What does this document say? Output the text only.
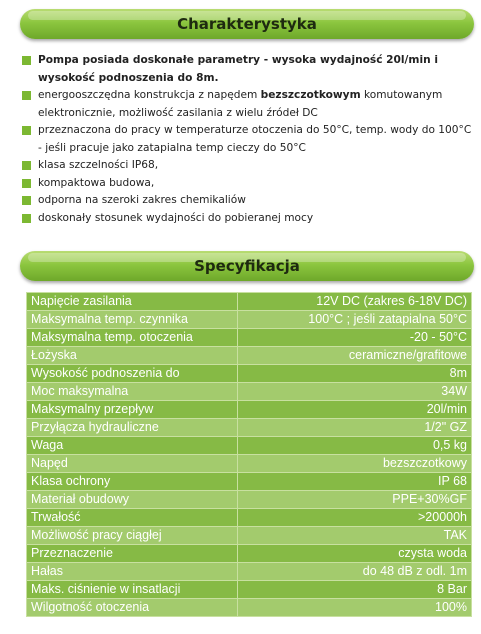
Charakterystyka
Pompa posiada doskonałe parametry - wysoka wydajność 20l/min i wysokość podnoszenia do 8m.
energooszczędna konstrukcja z napędem bezszczotkowym komutowanym elektronicznie, możliwość zasilania z wielu źródeł DC
przeznaczona do pracy w temperaturze otoczenia do 50°C, temp. wody do 100°C - jeśli pracuje jako zatapialna temp cieczy do 50°C
klasa szczelności IP68,
kompaktowa budowa,
odporna na szeroki zakres chemikaliów
doskonały stosunek wydajności do pobieranej mocy
Specyfikacja
Napięcie zasilania	12V DC (zakres 6-18V DC)
Maksymalna temp. czynnika	100°C ; jeśli zatapialna 50°C
Maksymalna temp. otoczenia	-20 - 50°C
Łożyska	ceramiczne/grafitowe
Wysokość podnoszenia do	8m
Moc maksymalna	34W
Maksymalny przepływ	20l/min
Przyłącza hydrauliczne	1/2" GZ
Waga	0,5 kg
Napęd	bezszczotkowy
Klasa ochrony	IP 68
Materiał obudowy	PPE+30%GF
Trwałość	>20000h
Możliwość pracy ciągłej	TAK
Przeznaczenie	czysta woda
Hałas	do 48 dB z odl. 1m
Maks. ciśnienie w insatlacji	8 Bar
Wilgotność otoczenia	100%
